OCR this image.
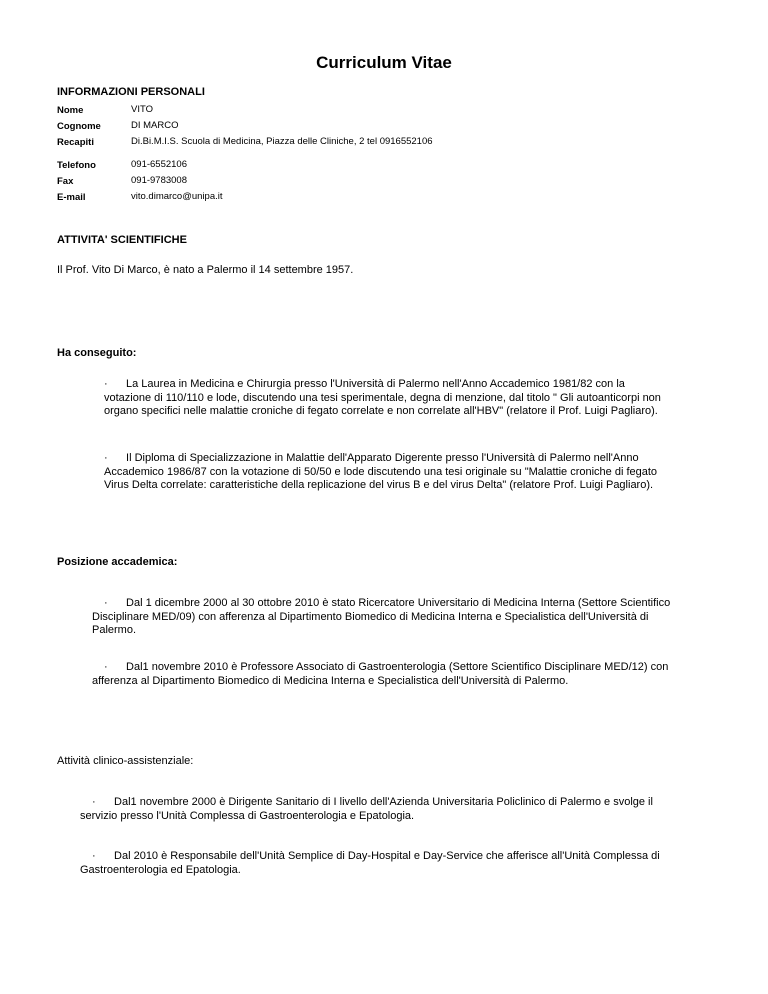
Curriculum Vitae
INFORMAZIONI PERSONALI
Nome	VITO
Cognome	DI MARCO
Recapiti	Di.Bi.M.I.S. Scuola di Medicina, Piazza delle Cliniche, 2 tel 0916552106
Telefono	091-6552106
Fax	091-9783008
E-mail	vito.dimarco@unipa.it
ATTIVITA' SCIENTIFICHE
Il Prof. Vito Di Marco, è nato a Palermo il 14 settembre 1957.
Ha conseguito:
· La Laurea in Medicina e Chirurgia presso l'Università di Palermo nell'Anno Accademico 1981/82 con la
votazione di 110/110 e lode, discutendo una tesi sperimentale, degna di menzione, dal titolo " Gli autoanticorpi non
organo specifici nelle malattie croniche di fegato correlate e non correlate all'HBV" (relatore il Prof. Luigi Pagliaro).
· Il Diploma di Specializzazione in Malattie dell'Apparato Digerente presso l'Università di Palermo nell'Anno
Accademico 1986/87 con la votazione di 50/50 e lode discutendo una tesi originale su "Malattie croniche di fegato
Virus Delta correlate: caratteristiche della replicazione del virus B e del virus Delta" (relatore Prof. Luigi Pagliaro).
Posizione accademica:
· Dal 1 dicembre 2000 al 30 ottobre 2010 è stato Ricercatore Universitario di Medicina Interna (Settore Scientifico
Disciplinare MED/09) con afferenza al Dipartimento Biomedico di Medicina Interna e Specialistica dell'Università di
Palermo.
· Dal1 novembre 2010 è Professore Associato di Gastroenterologia (Settore Scientifico Disciplinare MED/12) con
afferenza al Dipartimento Biomedico di Medicina Interna e Specialistica dell'Università di Palermo.
Attività clinico-assistenziale:
· Dal1 novembre 2000 è Dirigente Sanitario di I livello dell'Azienda Universitaria Policlinico di Palermo e svolge il
servizio presso l'Unità Complessa di Gastroenterologia e Epatologia.
· Dal 2010 è Responsabile dell'Unità Semplice di Day-Hospital e Day-Service che afferisce all'Unità Complessa di
Gastroenterologia ed Epatologia.
